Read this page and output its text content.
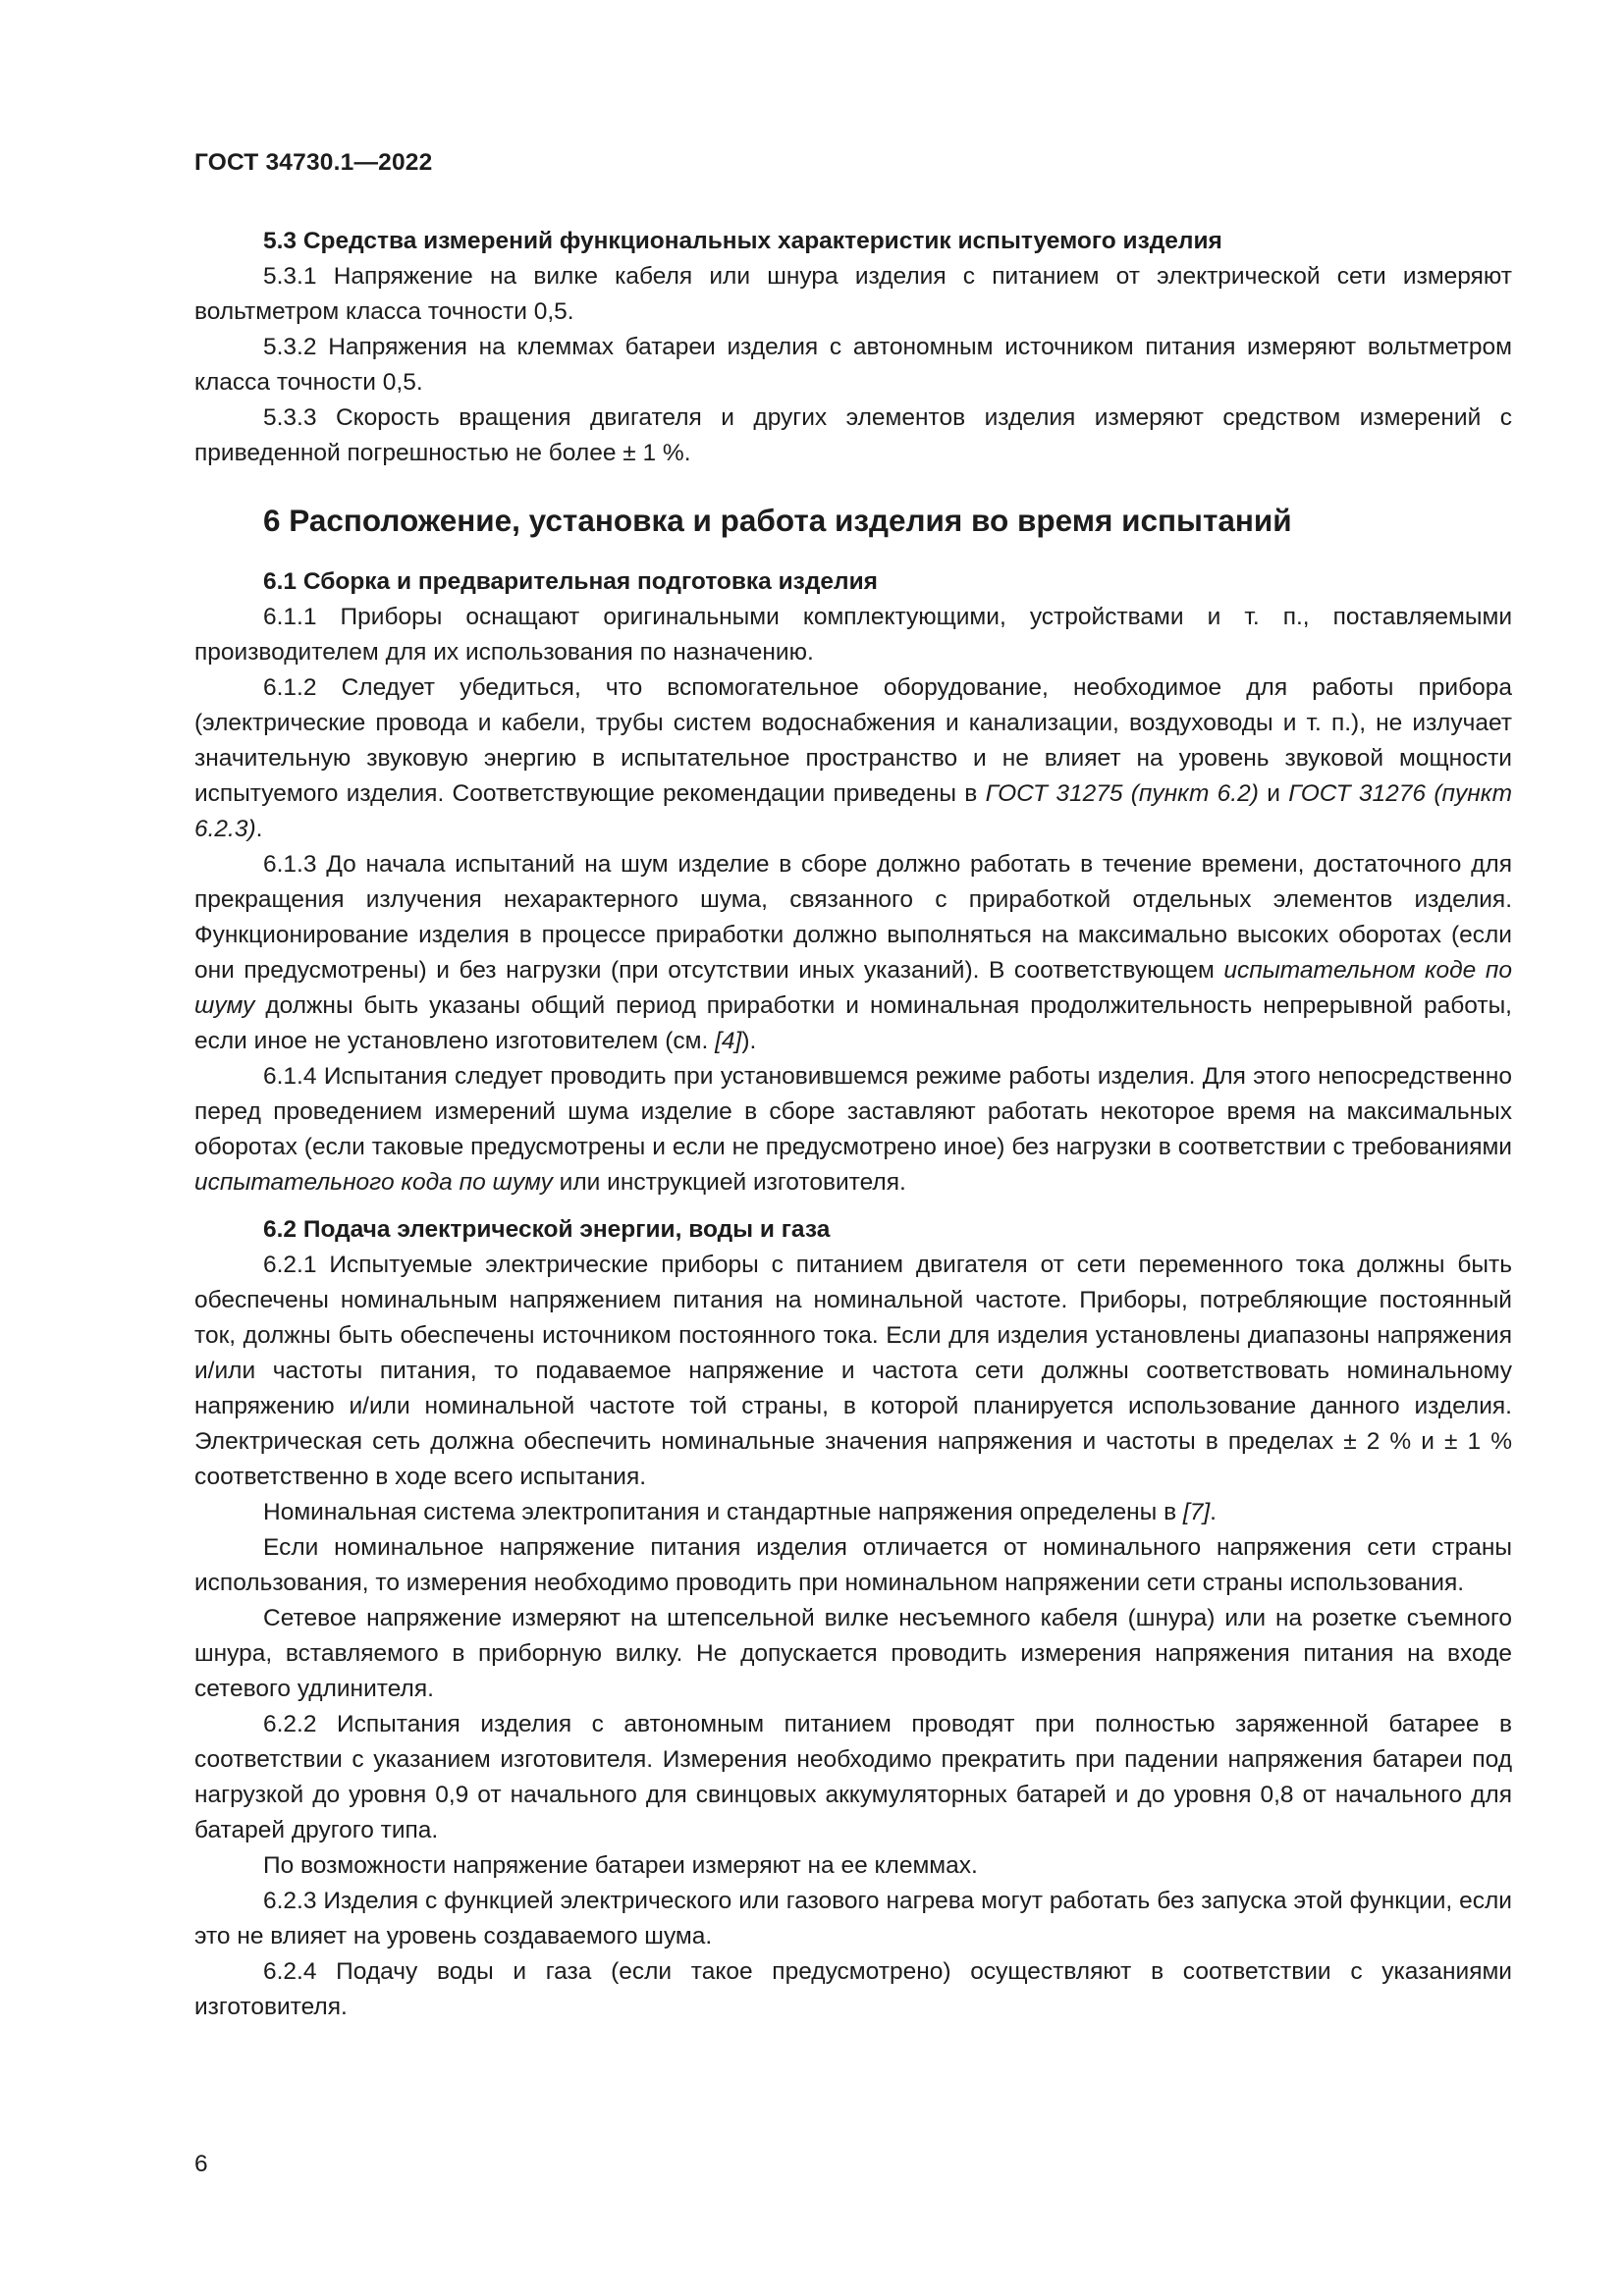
ГОСТ 34730.1—2022
5.3 Средства измерений функциональных характеристик испытуемого изделия

5.3.1 Напряжение на вилке кабеля или шнура изделия с питанием от электрической сети измеряют вольтметром класса точности 0,5.

5.3.2 Напряжения на клеммах батареи изделия с автономным источником питания измеряют вольтметром класса точности 0,5.

5.3.3 Скорость вращения двигателя и других элементов изделия измеряют средством измерений с приведенной погрешностью не более ± 1 %.

6 Расположение, установка и работа изделия во время испытаний
6.1 Сборка и предварительная подготовка изделия

6.1.1 Приборы оснащают оригинальными комплектующими, устройствами и т. п., поставляемыми производителем для их использования по назначению.

6.1.2 Следует убедиться, что вспомогательное оборудование, необходимое для работы прибора (электрические провода и кабели, трубы систем водоснабжения и канализации, воздуховоды и т. п.), не излучает значительную звуковую энергию в испытательное пространство и не влияет на уровень звуковой мощности испытуемого изделия. Соответствующие рекомендации приведены в ГОСТ 31275 (пункт 6.2) и ГОСТ 31276 (пункт 6.2.3).

6.1.3 До начала испытаний на шум изделие в сборе должно работать в течение времени, достаточного для прекращения излучения нехарактерного шума, связанного с приработкой отдельных элементов изделия. Функционирование изделия в процессе приработки должно выполняться на максимально высоких оборотах (если они предусмотрены) и без нагрузки (при отсутствии иных указаний). В соответствующем испытательном коде по шуму должны быть указаны общий период приработки и номинальная продолжительность непрерывной работы, если иное не установлено изготовителем (см. [4]).

6.1.4 Испытания следует проводить при установившемся режиме работы изделия. Для этого непосредственно перед проведением измерений шума изделие в сборе заставляют работать некоторое время на максимальных оборотах (если таковые предусмотрены и если не предусмотрено иное) без нагрузки в соответствии с требованиями испытательного кода по шуму или инструкцией изготовителя.

6.2 Подача электрической энергии, воды и газа

6.2.1 Испытуемые электрические приборы с питанием двигателя от сети переменного тока должны быть обеспечены номинальным напряжением питания на номинальной частоте. Приборы, потребляющие постоянный ток, должны быть обеспечены источником постоянного тока. Если для изделия установлены диапазоны напряжения и/или частоты питания, то подаваемое напряжение и частота сети должны соответствовать номинальному напряжению и/или номинальной частоте той страны, в которой планируется использование данного изделия. Электрическая сеть должна обеспечить номинальные значения напряжения и частоты в пределах ± 2 % и ± 1 % соответственно в ходе всего испытания.

Номинальная система электропитания и стандартные напряжения определены в [7].

Если номинальное напряжение питания изделия отличается от номинального напряжения сети страны использования, то измерения необходимо проводить при номинальном напряжении сети страны использования.

Сетевое напряжение измеряют на штепсельной вилке несъемного кабеля (шнура) или на розетке съемного шнура, вставляемого в приборную вилку. Не допускается проводить измерения напряжения питания на входе сетевого удлинителя.

6.2.2 Испытания изделия с автономным питанием проводят при полностью заряженной батарее в соответствии с указанием изготовителя. Измерения необходимо прекратить при падении напряжения батареи под нагрузкой до уровня 0,9 от начального для свинцовых аккумуляторных батарей и до уровня 0,8 от начального для батарей другого типа.

По возможности напряжение батареи измеряют на ее клеммах.

6.2.3 Изделия с функцией электрического или газового нагрева могут работать без запуска этой функции, если это не влияет на уровень создаваемого шума.

6.2.4 Подачу воды и газа (если такое предусмотрено) осуществляют в соответствии с указаниями изготовителя.

6
